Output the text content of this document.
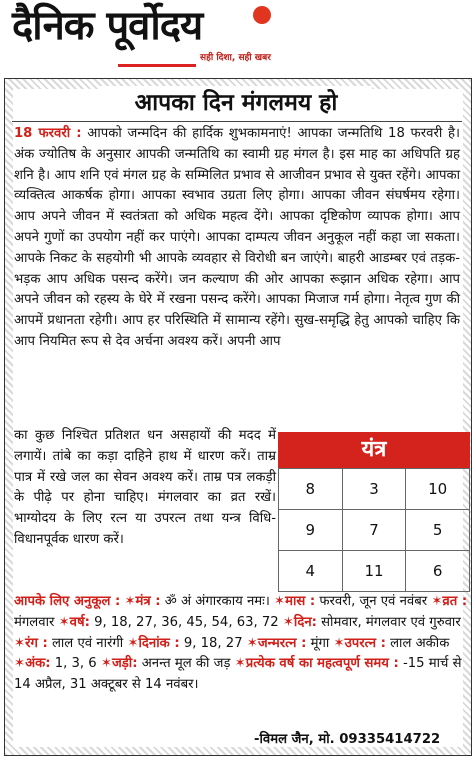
दैनिक पूर्वोदय
सही दिशा, सही खबर
आपका दिन मंगलमय हो
18 फरवरी : आपको जन्मदिन की हार्दिक शुभकामनाएं! आपका जन्मतिथि 18 फरवरी है। अंक ज्योतिष के अनुसार आपकी जन्मतिथि का स्वामी ग्रह मंगल है। इस माह का अधिपति ग्रह शनि है। आप शनि एवं मंगल ग्रह के सम्मिलित प्रभाव से आजीवन प्रभाव से युक्त रहेंगे। आपका व्यक्तित्व आकर्षक होगा। आपका स्वभाव उग्रता लिए होगा। आपका जीवन संघर्षमय रहेगा। आप अपने जीवन में स्वतंत्रता को अधिक महत्व देंगे। आपका दृष्टिकोण व्यापक होगा। आप अपने गुणों का उपयोग नहीं कर पाएंगे। आपका दाम्पत्य जीवन अनुकूल नहीं कहा जा सकता। आपके निकट के सहयोगी भी आपके व्यवहार से विरोधी बन जाएंगे। बाहरी आडम्बर एवं तड़क-भड़क आप अधिक पसन्द करेंगे। जन कल्याण की ओर आपका रूझान अधिक रहेगा। आप अपने जीवन को रहस्य के घेरे में रखना पसन्द करेंगे। आपका मिजाज गर्म होगा। नेतृत्व गुण की आपमें प्रधानता रहेगी। आप हर परिस्थिति में सामान्य रहेंगे। सुख-समृद्धि हेतु आपको चाहिए कि आप नियमित रूप से देव अर्चना अवश्य करें। अपनी आप
का कुछ निश्चित प्रतिशत धन असहायों की मदद में लगायें। तांबे का कड़ा दाहिने हाथ में धारण करें। ताम्र पात्र में रखे जल का सेवन अवश्य करें। ताम्र पत्र लकड़ी के पीढ़े पर होना चाहिए। मंगलवार का व्रत रखें। भाग्योदय के लिए रत्न या उपरत्न तथा यन्त्र विधि-विधानपूर्वक धारण करें।
यंत्र
8	3	10
9	7	5
4	11	6
आपके लिए अनुकूल : ✶मंत्र : ॐ अं अंगारकाय नमः। ✶मास : फरवरी, जून एवं नवंबर ✶व्रत : मंगलवार ✶वर्ष: 9, 18, 27, 36, 45, 54, 63, 72 ✶दिन: सोमवार, मंगलवार एवं गुरुवार ✶रंग : लाल एवं नारंगी ✶दिनांक : 9, 18, 27 ✶जन्मरत्न : मूंगा ✶उपरत्न : लाल अकीक ✶अंक: 1, 3, 6 ✶जड़ी: अनन्त मूल की जड़ ✶प्रत्येक वर्ष का महत्वपूर्ण समय : -15 मार्च से 14 अप्रैल, 31 अक्टूबर से 14 नवंबर।
-विमल जैन, मो. 09335414722
